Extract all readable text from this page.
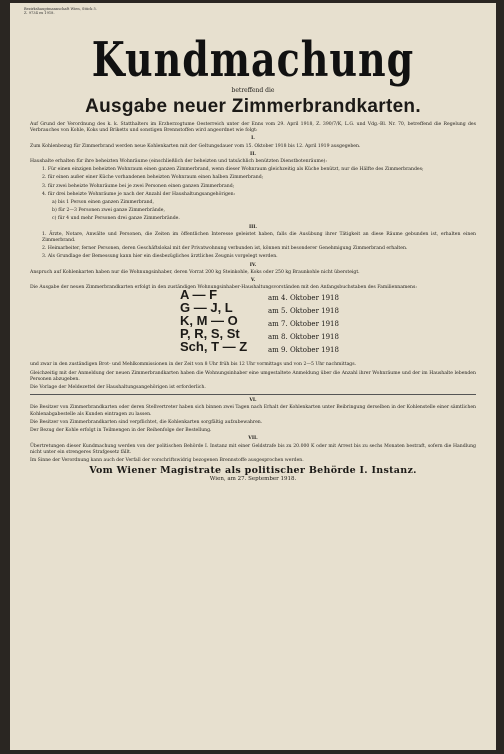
Bezirkshauptmannschaft Wien, Stück 5.
Z. 9734 ex 1918.
Kundmachung
betreffend die
Ausgabe neuer Zimmerbrandkarten.

Auf Grund der Verordnung des k. k. Statthalters im Erzherzogtume Oesterreich unter der Enns vom 29. April 1918, Z. 390/7/K, L.G. und Vdg.-Bl. Nr. 70, betreffend die Regelung des Verbrauches von Kohle, Koks und Briketts und sonstigen Brennstoffen wird angeordnet wie folgt:

I.

Zum Kohlenbezug für Zimmerbrand werden neue Kohlenkarten mit der Geltungsdauer vom 15. Oktober 1918 bis 12. April 1919 ausgegeben.

II.

Haushalte erhalten für ihre beheizten Wohnräume (einschließlich der beheizten und tatsächlich benützten Dienstbotenräume):

1. Für einen einzigen beheizten Wohnraum einen ganzen Zimmerbrand, wenn dieser Wohnraum gleichzeitig als Küche benützt, nur die Hälfte des Zimmerbrandes;

2. für einen außer einer Küche vorhandenen beheizten Wohnraum einen halben Zimmerbrand;

3. für zwei beheizte Wohnräume bei je zwei Personen einen ganzen Zimmerbrand;

4. für drei beheizte Wohnräume je nach der Anzahl der Haushaltungsangehörigen:

a) bis 1 Person einen ganzen Zimmerbrand,

b) für 2—3 Personen zwei ganze Zimmerbrände,

c) für 4 und mehr Personen drei ganze Zimmerbrände.

III.

1. Ärzte, Notare, Anwälte und Personen, die Zeiten im öffentlichen Interesse geleistet haben, falls die Ausübung ihrer Tätigkeit an diese Räume gebunden ist, erhalten einen Zimmerbrand.

2. Heimarbeiter, ferner Personen, deren Geschäftslokal mit der Privatwohnung verbunden ist, können mit besonderer Genehmigung Zimmerbrand erhalten.

3. Als Grundlage der Bemessung kann hier ein diesbezügliches ärztliches Zeugnis vorgelegt werden.

IV.

Anspruch auf Kohlenkarten haben nur die Wohnungsinhaber, deren Vorrat 200 kg Steinkohle, Koks oder 250 kg Braunkohle nicht übersteigt.

V.

Die Ausgabe der neuen Zimmerbrandkarten erfolgt in den zuständigen Wohnungsinhaber-Haushaltungsvorständen mit den Anfangsbuchstaben des Familiennamens:

A — F	am 4. Oktober 1918
G — J, L	am 5. Oktober 1918
K, M — O	am 7. Oktober 1918
P, R, S, St	am 8. Oktober 1918
Sch, T — Z	am 9. Oktober 1918

und zwar in den zuständigen Brot- und Mehlkommissionen in der Zeit von 8 Uhr früh bis 12 Uhr vormittags und von 2—5 Uhr nachmittags.

Gleichzeitig mit der Anmeldung der neuen Zimmerbrandkarten haben die Wohnungsinhaber eine umgestaltete Anmeldung über die Anzahl ihrer Wohnräume und der im Haushalte lebenden Personen abzugeben.

Die Vorlage der Meldezettel der Haushaltungsangehörigen ist erforderlich.

VI.

Die Besitzer von Zimmerbrandkarten oder deren Stellvertreter haben sich binnen zwei Tagen nach Erhalt der Kohlenkarten unter Beibringung derselben in der Kohlenstelle einer sämtlichen Kohlenabgabestelle als Kunden eintragen zu lassen.

Die Besitzer von Zimmerbrandkarten sind verpflichtet, die Kohlenkarten sorgfältig aufzubewahren.

Der Bezug der Kohle erfolgt in Teilmengen in der Reihenfolge der Bestellung.

VII.

Übertretungen dieser Kundmachung werden von der politischen Behörde I. Instanz mit einer Geldstrafe bis zu 20.000 K oder mit Arrest bis zu sechs Monaten bestraft, sofern die Handlung nicht unter ein strengeres Strafgesetz fällt.

Im Sinne der Verordnung kann auch der Verfall der vorschriftswidrig bezogenen Brennstoffe ausgesprochen werden.

Vom Wiener Magistrate als politischer Behörde I. Instanz.
Wien, am 27. September 1918.
